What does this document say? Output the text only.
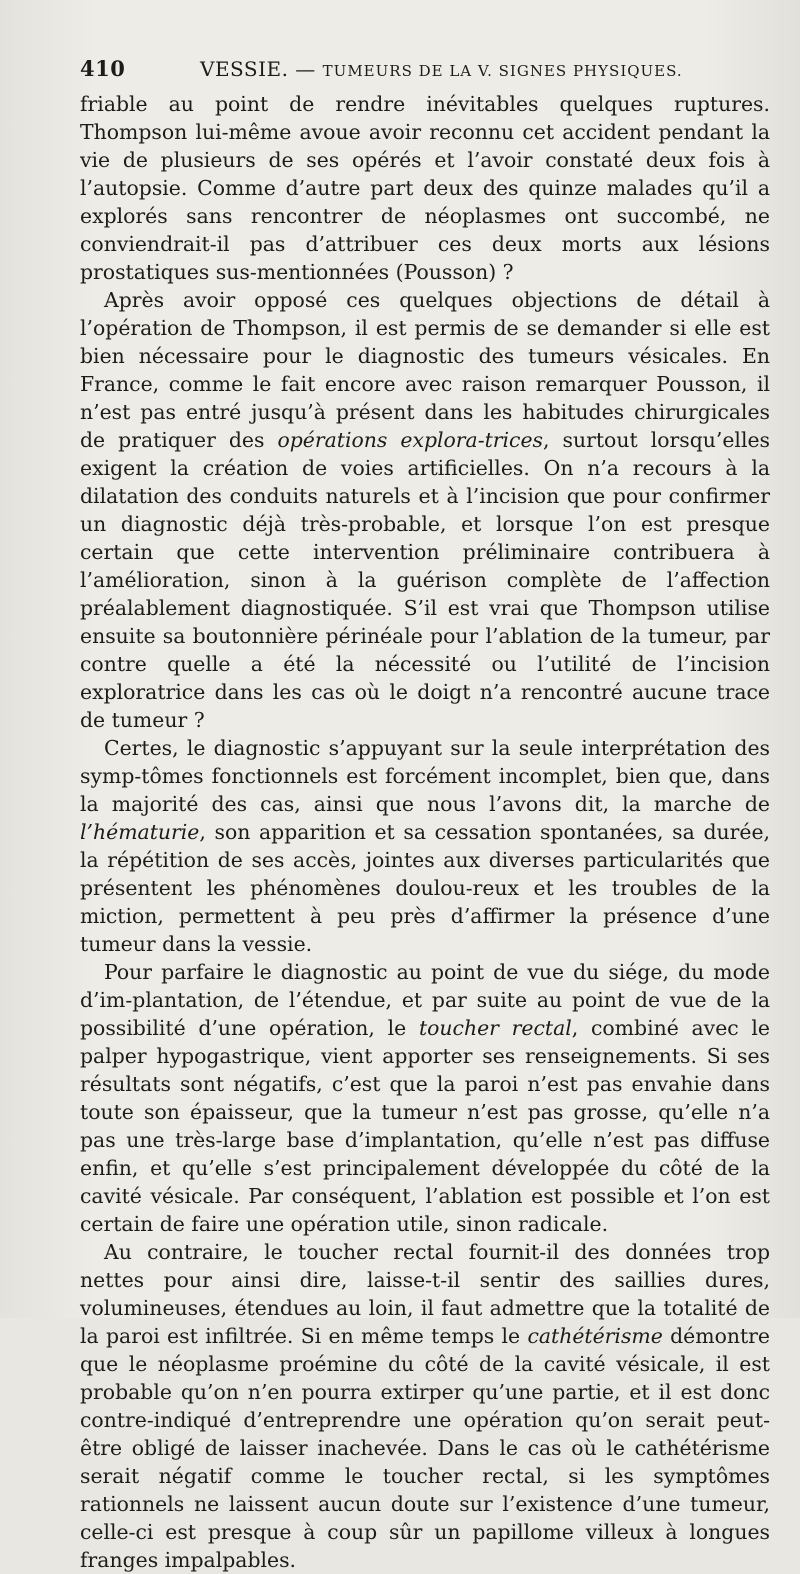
410	VESSIE. — TUMEURS DE LA V. SIGNES PHYSIQUES.

friable au point de rendre inévitables quelques ruptures. Thompson lui-même avoue avoir reconnu cet accident pendant la vie de plusieurs de ses opérés et l’avoir constaté deux fois à l’autopsie. Comme d’autre part deux des quinze malades qu’il a explorés sans rencontrer de néoplasmes ont succombé, ne conviendrait-il pas d’attribuer ces deux morts aux lésions prostatiques sus-mentionnées (Pousson) ?

Après avoir opposé ces quelques objections de détail à l’opération de Thompson, il est permis de se demander si elle est bien nécessaire pour le diagnostic des tumeurs vésicales. En France, comme le fait encore avec raison remarquer Pousson, il n’est pas entré jusqu’à présent dans les habitudes chirurgicales de pratiquer des opérations explora-trices, surtout lorsqu’elles exigent la création de voies artificielles. On n’a recours à la dilatation des conduits naturels et à l’incision que pour confirmer un diagnostic déjà très-probable, et lorsque l’on est presque certain que cette intervention préliminaire contribuera à l’amélioration, sinon à la guérison complète de l’affection préalablement diagnostiquée. S’il est vrai que Thompson utilise ensuite sa boutonnière périnéale pour l’ablation de la tumeur, par contre quelle a été la nécessité ou l’utilité de l’incision exploratrice dans les cas où le doigt n’a rencontré aucune trace de tumeur ?

Certes, le diagnostic s’appuyant sur la seule interprétation des symp-tômes fonctionnels est forcément incomplet, bien que, dans la majorité des cas, ainsi que nous l’avons dit, la marche de l’hématurie, son apparition et sa cessation spontanées, sa durée, la répétition de ses accès, jointes aux diverses particularités que présentent les phénomènes doulou-reux et les troubles de la miction, permettent à peu près d’affirmer la présence d’une tumeur dans la vessie.

Pour parfaire le diagnostic au point de vue du siége, du mode d’im-plantation, de l’étendue, et par suite au point de vue de la possibilité d’une opération, le toucher rectal, combiné avec le palper hypogastrique, vient apporter ses renseignements. Si ses résultats sont négatifs, c’est que la paroi n’est pas envahie dans toute son épaisseur, que la tumeur n’est pas grosse, qu’elle n’a pas une très-large base d’implantation, qu’elle n’est pas diffuse enfin, et qu’elle s’est principalement développée du côté de la cavité vésicale. Par conséquent, l’ablation est possible et l’on est certain de faire une opération utile, sinon radicale.

Au contraire, le toucher rectal fournit-il des données trop nettes pour ainsi dire, laisse-t-il sentir des saillies dures, volumineuses, étendues au loin, il faut admettre que la totalité de la paroi est infiltrée. Si en même temps le cathétérisme démontre que le néoplasme proémine du côté de la cavité vésicale, il est probable qu’on n’en pourra extirper qu’une partie, et il est donc contre-indiqué d’entreprendre une opération qu’on serait peut-être obligé de laisser inachevée. Dans le cas où le cathétérisme serait négatif comme le toucher rectal, si les symptômes rationnels ne laissent aucun doute sur l’existence d’une tumeur, celle-ci est presque à coup sûr un papillome villeux à longues franges impalpables.
